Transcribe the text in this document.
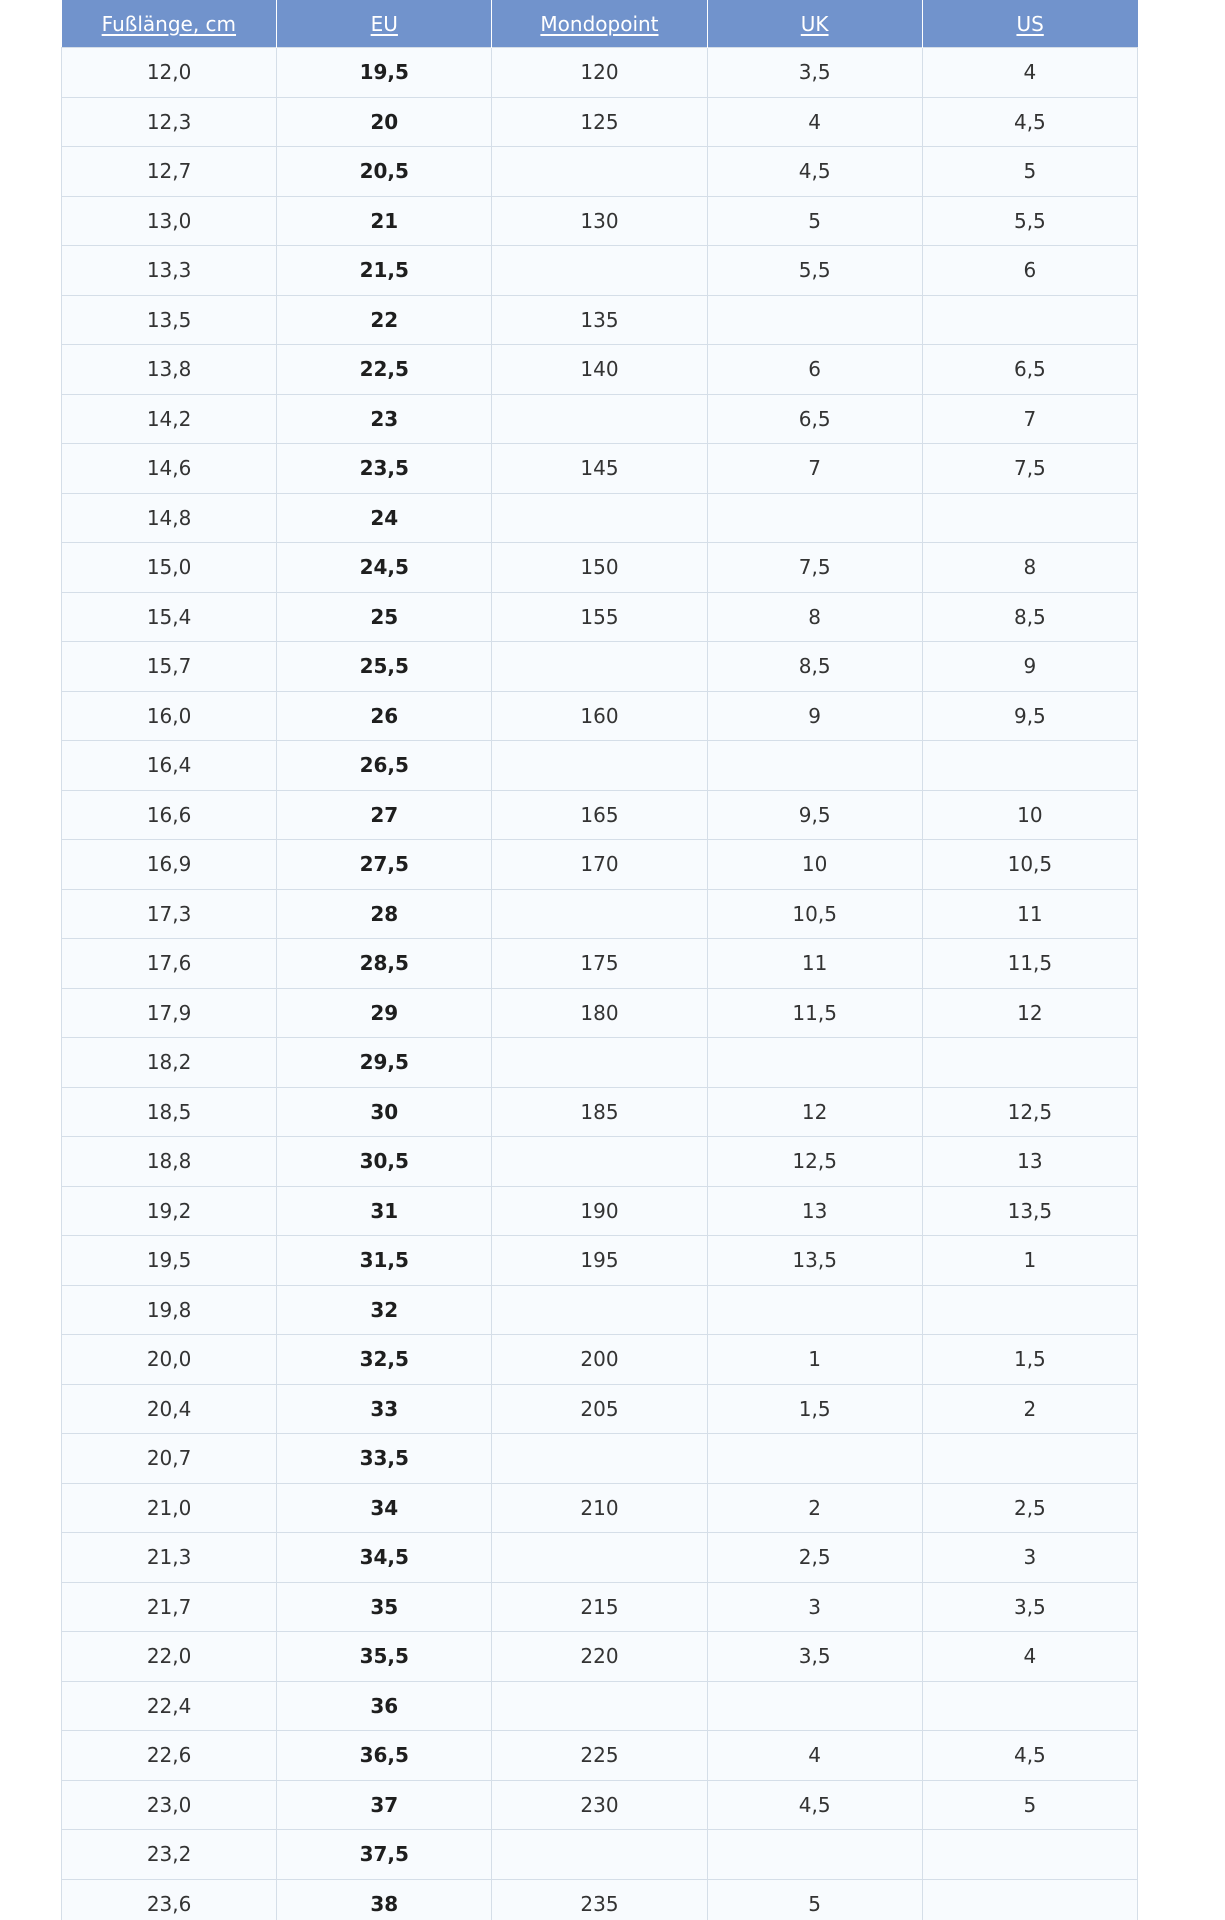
Fußlänge, cm	EU	Mondopoint	UK	US
12,0	19,5	120	3,5	4
12,3	20	125	4	4,5
12,7	20,5		4,5	5
13,0	21	130	5	5,5
13,3	21,5		5,5	6
13,5	22	135		
13,8	22,5	140	6	6,5
14,2	23		6,5	7
14,6	23,5	145	7	7,5
14,8	24			
15,0	24,5	150	7,5	8
15,4	25	155	8	8,5
15,7	25,5		8,5	9
16,0	26	160	9	9,5
16,4	26,5			
16,6	27	165	9,5	10
16,9	27,5	170	10	10,5
17,3	28		10,5	11
17,6	28,5	175	11	11,5
17,9	29	180	11,5	12
18,2	29,5			
18,5	30	185	12	12,5
18,8	30,5		12,5	13
19,2	31	190	13	13,5
19,5	31,5	195	13,5	1
19,8	32			
20,0	32,5	200	1	1,5
20,4	33	205	1,5	2
20,7	33,5			
21,0	34	210	2	2,5
21,3	34,5		2,5	3
21,7	35	215	3	3,5
22,0	35,5	220	3,5	4
22,4	36			
22,6	36,5	225	4	4,5
23,0	37	230	4,5	5
23,2	37,5			
23,6	38	235	5	
